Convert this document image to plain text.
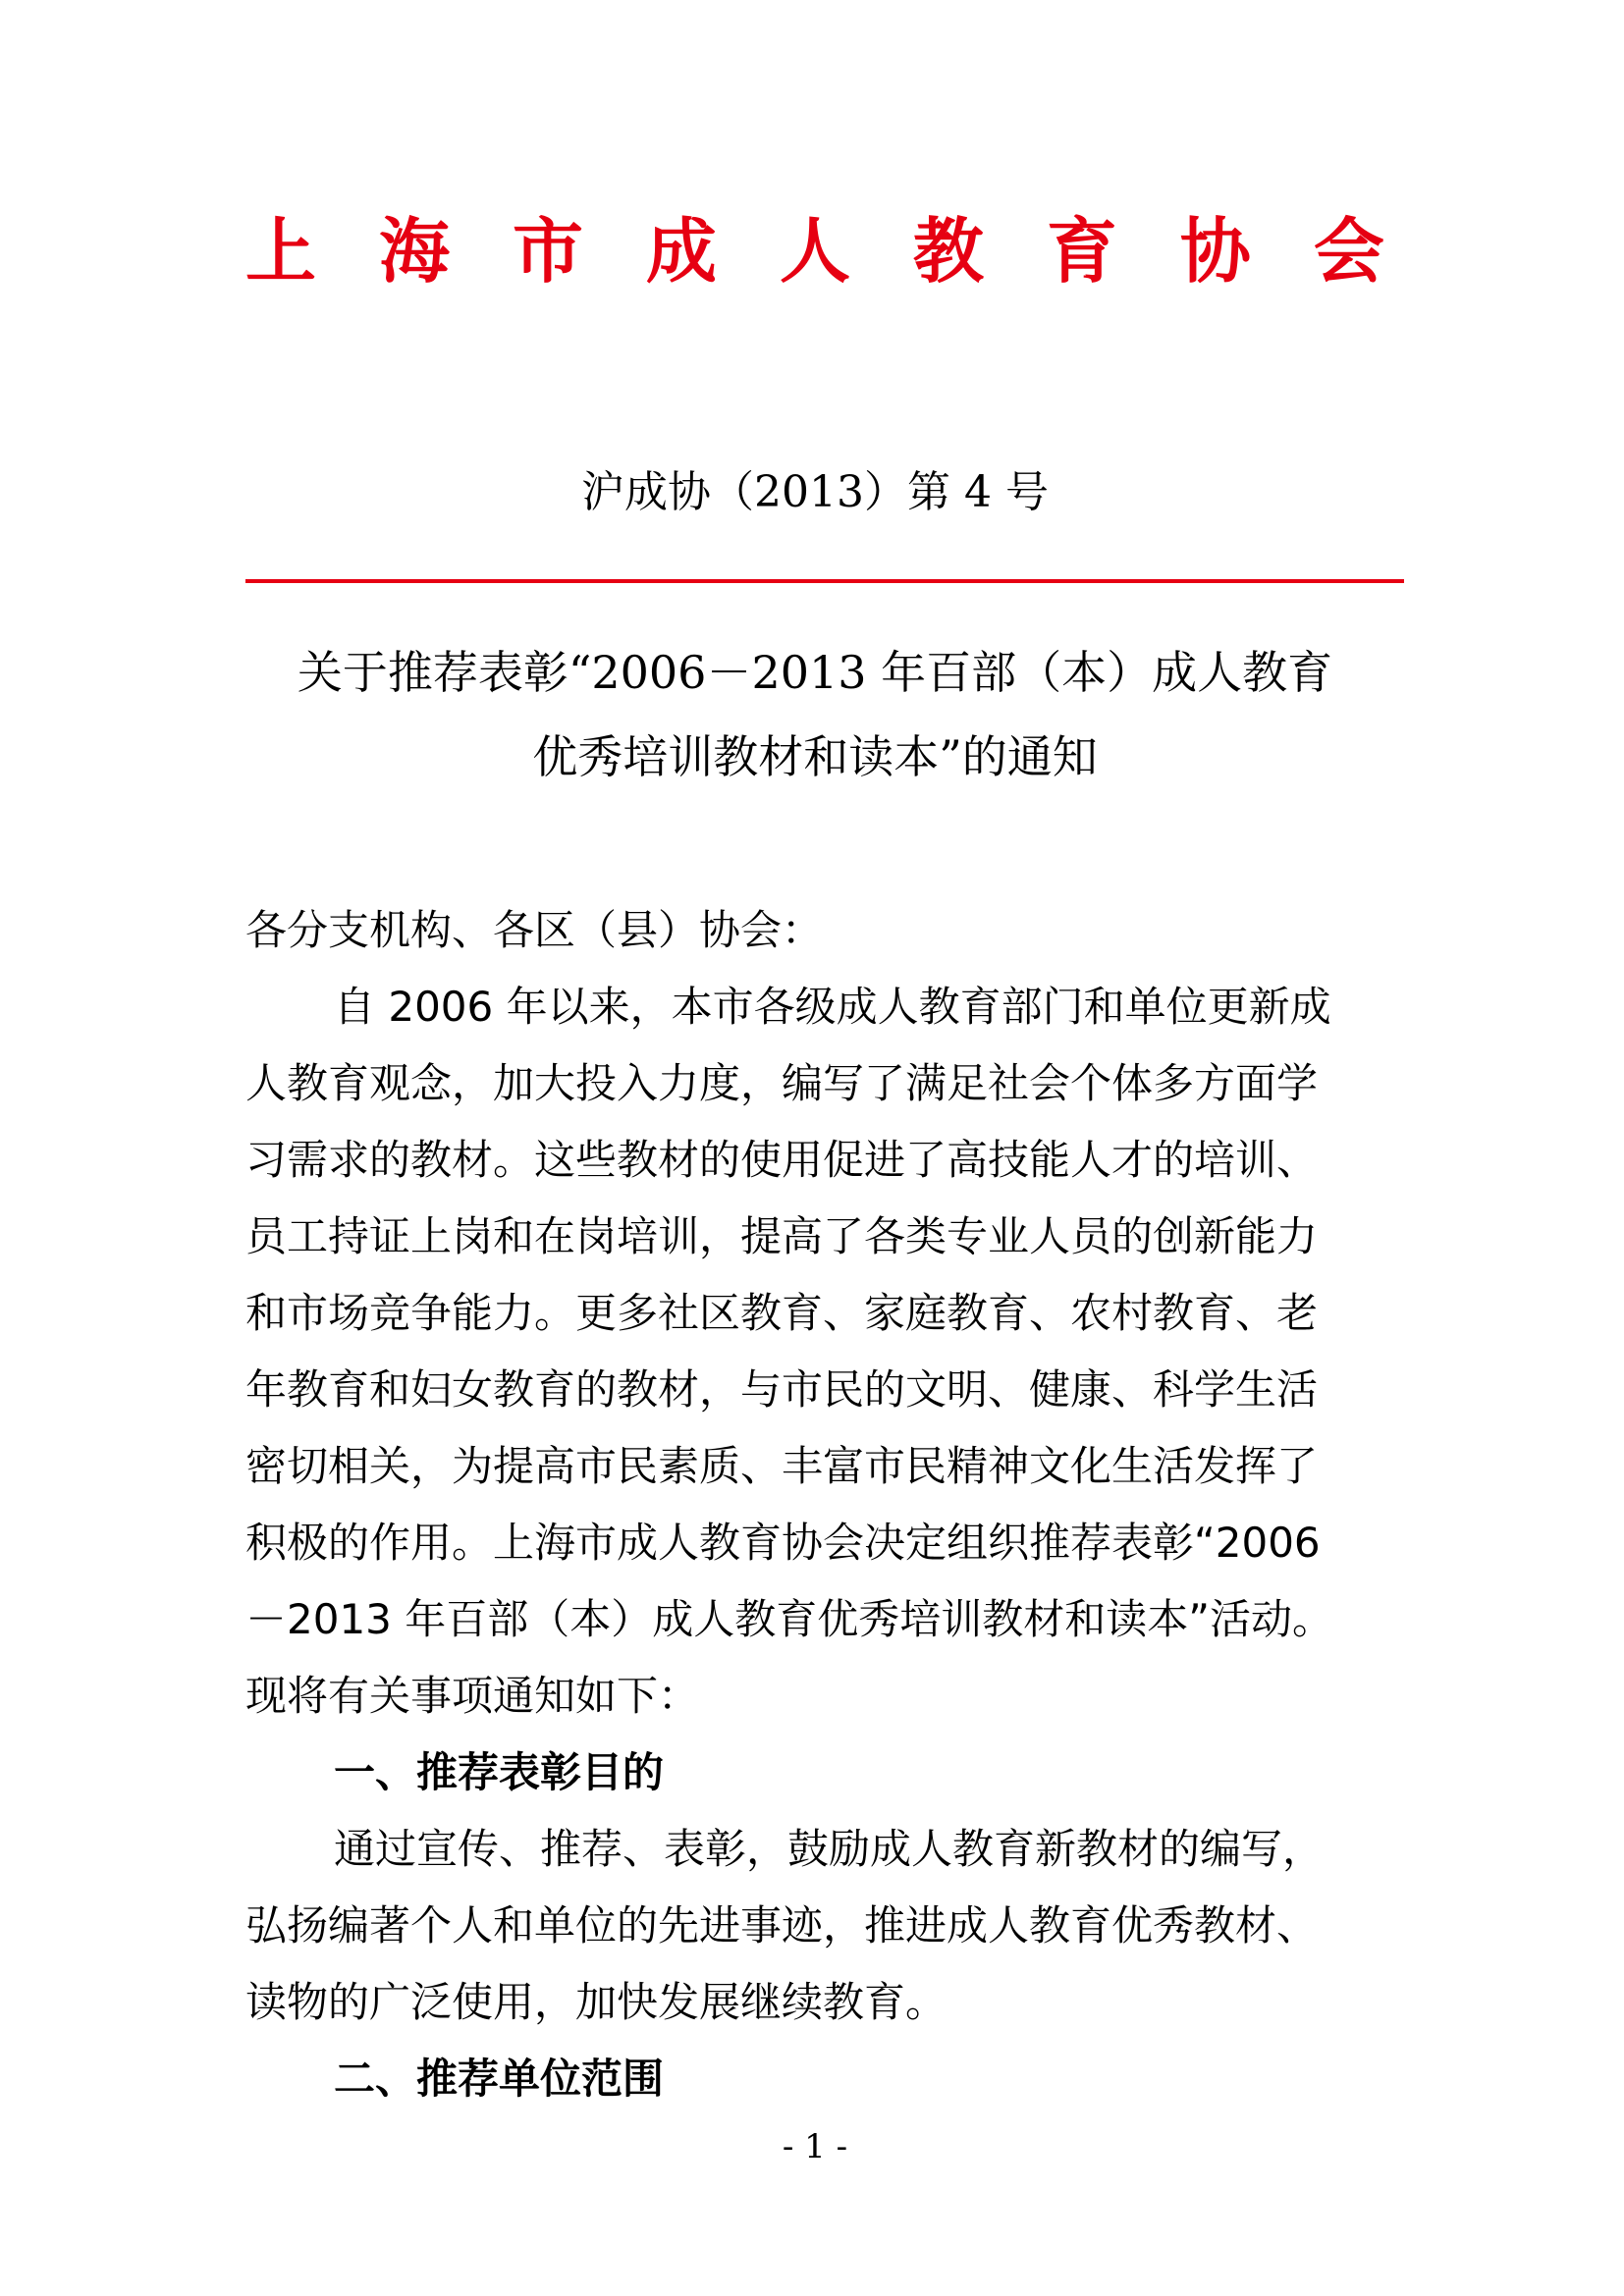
上 海 市 成 人 教 育 协 会
沪成协（2013）第 4 号
关于推荐表彰“2006－2013 年百部（本）成人教育
优秀培训教材和读本”的通知
各分支机构、各区（县）协会：
自 2006 年以来，本市各级成人教育部门和单位更新成
人教育观念，加大投入力度，编写了满足社会个体多方面学
习需求的教材。这些教材的使用促进了高技能人才的培训、
员工持证上岗和在岗培训，提高了各类专业人员的创新能力
和市场竞争能力。更多社区教育、家庭教育、农村教育、老
年教育和妇女教育的教材，与市民的文明、健康、科学生活
密切相关，为提高市民素质、丰富市民精神文化生活发挥了
积极的作用。上海市成人教育协会决定组织推荐表彰“2006
－2013 年百部（本）成人教育优秀培训教材和读本”活动。
现将有关事项通知如下：
一、推荐表彰目的
通过宣传、推荐、表彰，鼓励成人教育新教材的编写，
弘扬编著个人和单位的先进事迹，推进成人教育优秀教材、
读物的广泛使用，加快发展继续教育。
二、推荐单位范围
- 1 -
